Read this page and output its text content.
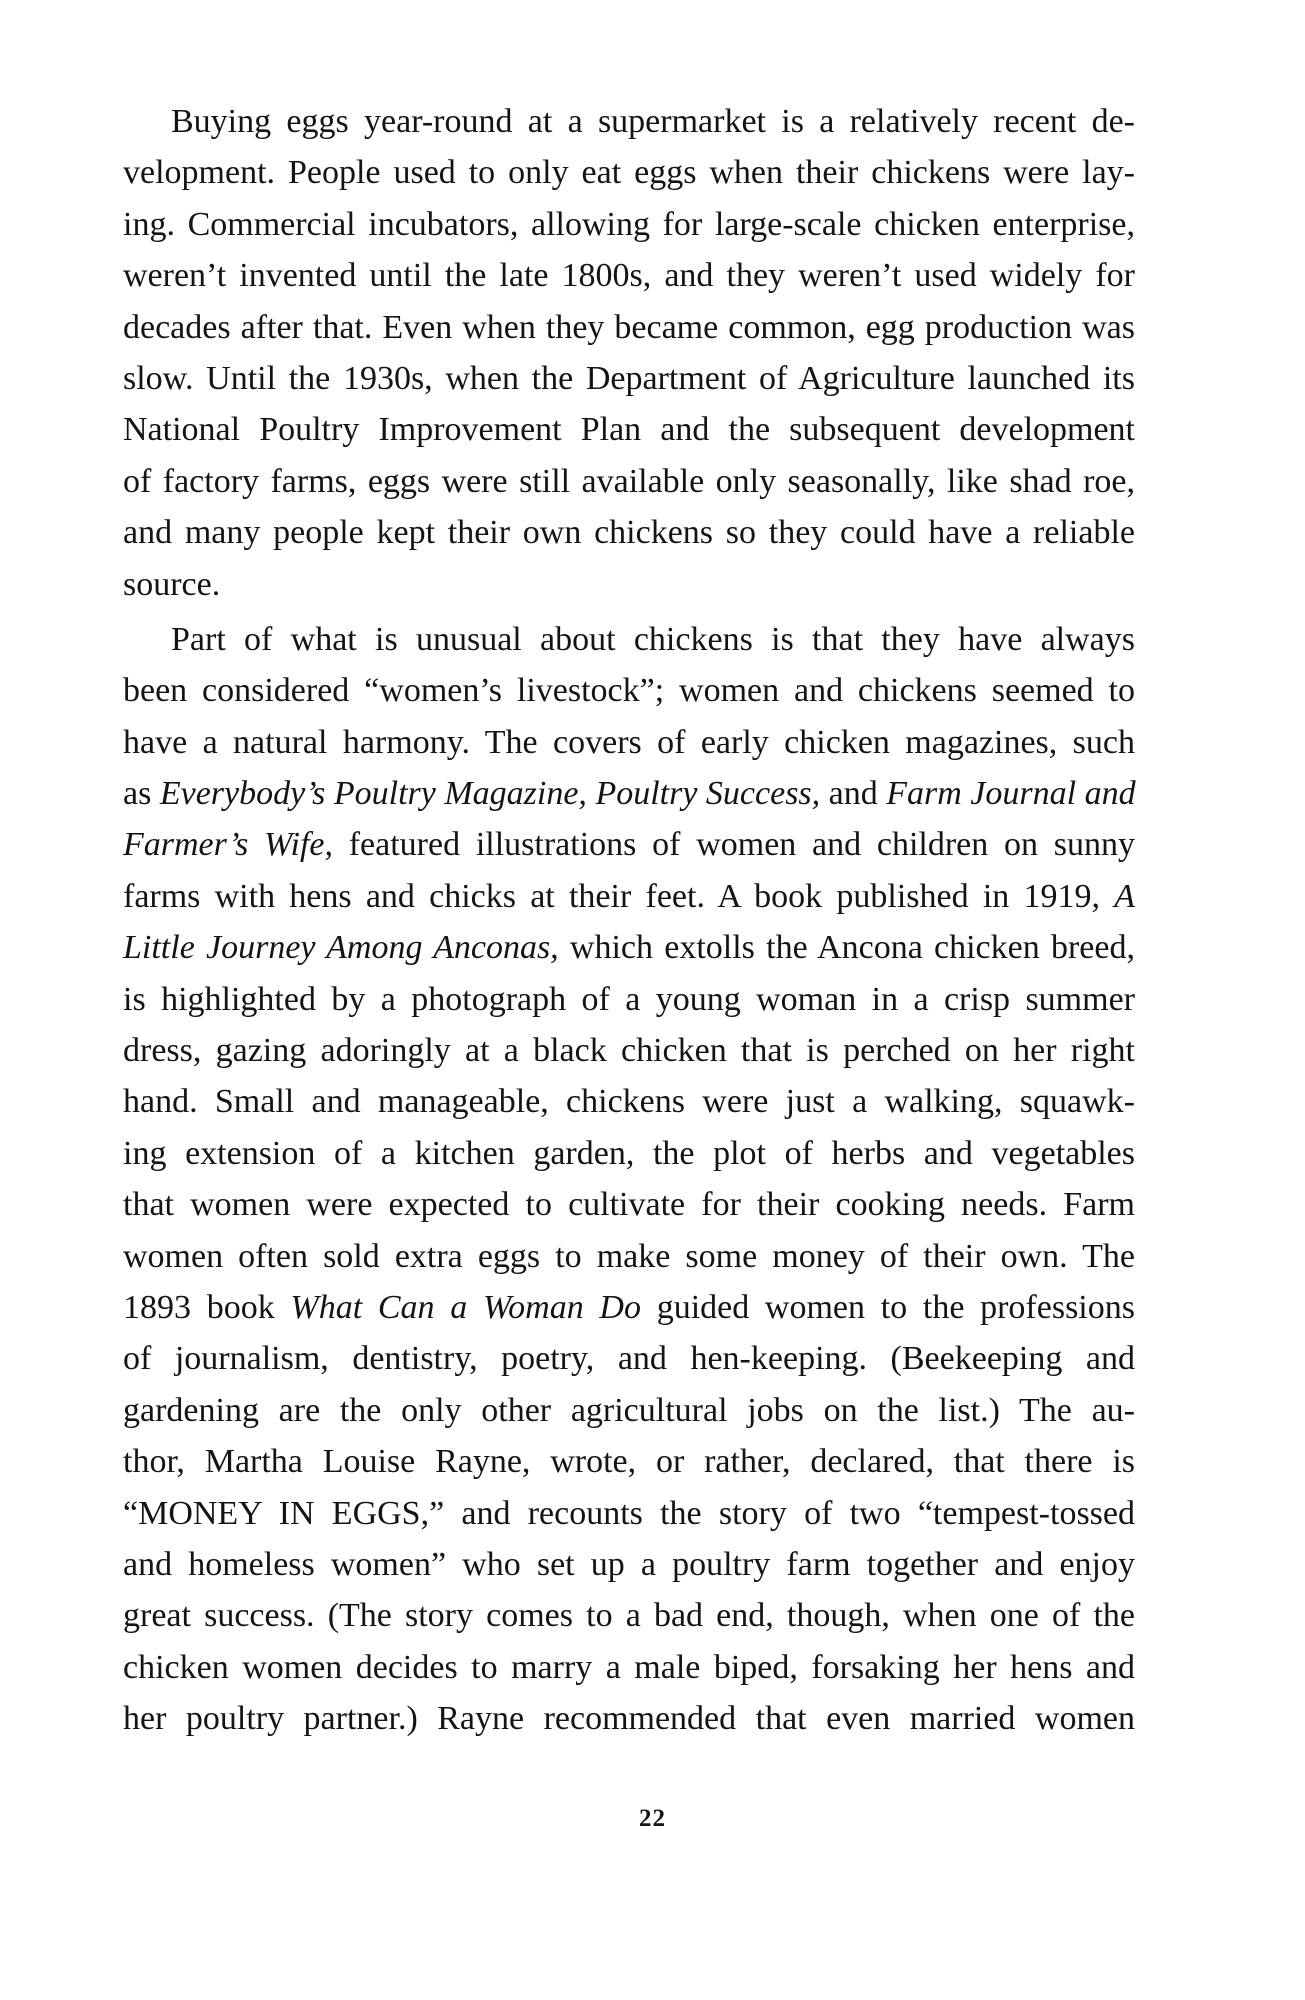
Buying eggs year-round at a supermarket is a relatively recent de-
velopment. People used to only eat eggs when their chickens were lay-
ing. Commercial incubators, allowing for large-scale chicken enterprise,
weren’t invented until the late 1800s, and they weren’t used widely for
decades after that. Even when they became common, egg production was
slow. Until the 1930s, when the Department of Agriculture launched its
National Poultry Improvement Plan and the subsequent development
of factory farms, eggs were still available only seasonally, like shad roe,
and many people kept their own chickens so they could have a reliable
source.
Part of what is unusual about chickens is that they have always
been considered “women’s livestock”; women and chickens seemed to
have a natural harmony. The covers of early chicken magazines, such
as Everybody’s Poultry Magazine, Poultry Success, and Farm Journal and
Farmer’s Wife, featured illustrations of women and children on sunny
farms with hens and chicks at their feet. A book published in 1919, A
Little Journey Among Anconas, which extolls the Ancona chicken breed,
is highlighted by a photograph of a young woman in a crisp summer
dress, gazing adoringly at a black chicken that is perched on her right
hand. Small and manageable, chickens were just a walking, squawk-
ing extension of a kitchen garden, the plot of herbs and vegetables
that women were expected to cultivate for their cooking needs. Farm
women often sold extra eggs to make some money of their own. The
1893 book What Can a Woman Do guided women to the professions
of journalism, dentistry, poetry, and hen-keeping. (Beekeeping and
gardening are the only other agricultural jobs on the list.) The au-
thor, Martha Louise Rayne, wrote, or rather, declared, that there is
“MONEY IN EGGS,” and recounts the story of two “tempest-tossed
and homeless women” who set up a poultry farm together and enjoy
great success. (The story comes to a bad end, though, when one of the
chicken women decides to marry a male biped, forsaking her hens and
her poultry partner.) Rayne recommended that even married women
22
